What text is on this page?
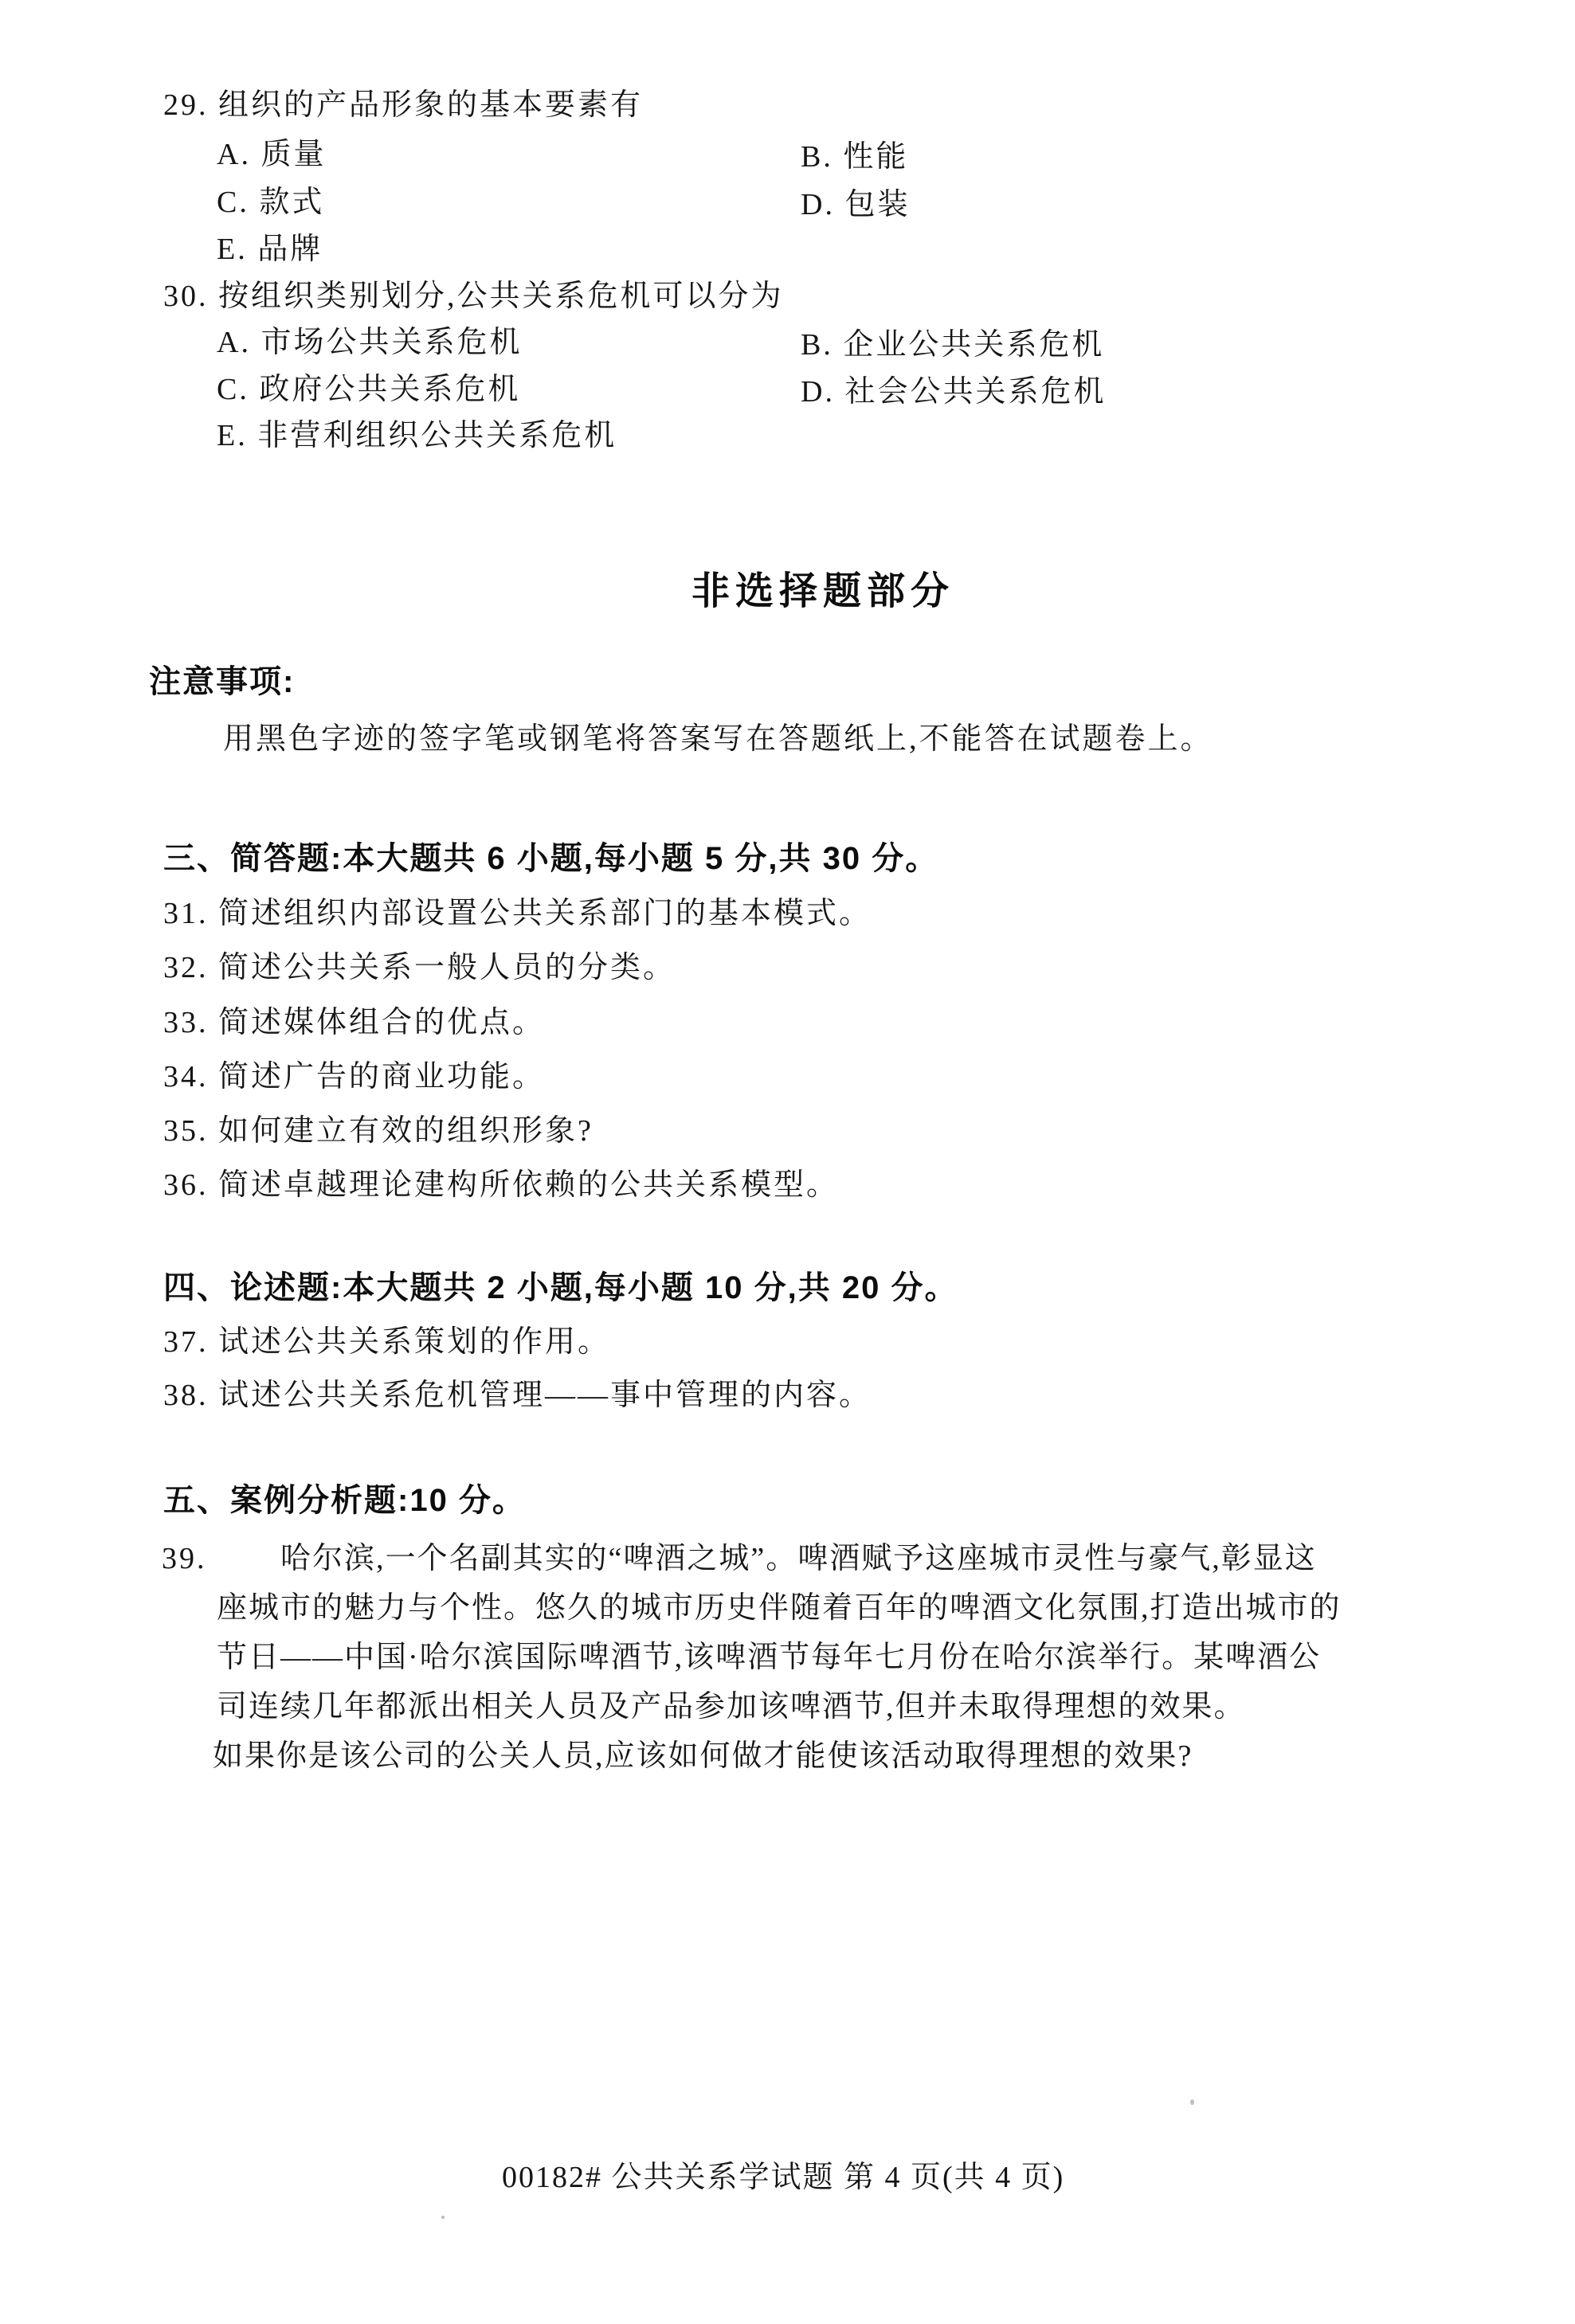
29. 组织的产品形象的基本要素有
A. 质量	B. 性能
C. 款式	D. 包装
E. 品牌
30. 按组织类别划分,公共关系危机可以分为
A. 市场公共关系危机	B. 企业公共关系危机
C. 政府公共关系危机	D. 社会公共关系危机
E. 非营利组织公共关系危机
非选择题部分
注意事项:
用黑色字迹的签字笔或钢笔将答案写在答题纸上,不能答在试题卷上。
三、简答题:本大题共 6 小题,每小题 5 分,共 30 分。
31. 简述组织内部设置公共关系部门的基本模式。
32. 简述公共关系一般人员的分类。
33. 简述媒体组合的优点。
34. 简述广告的商业功能。
35. 如何建立有效的组织形象?
36. 简述卓越理论建构所依赖的公共关系模型。
四、论述题:本大题共 2 小题,每小题 10 分,共 20 分。
37. 试述公共关系策划的作用。
38. 试述公共关系危机管理——事中管理的内容。
五、案例分析题:10 分。
39. 哈尔滨,一个名副其实的“啤酒之城”。啤酒赋予这座城市灵性与豪气,彰显这
座城市的魅力与个性。悠久的城市历史伴随着百年的啤酒文化氛围,打造出城市的
节日——中国·哈尔滨国际啤酒节,该啤酒节每年七月份在哈尔滨举行。某啤酒公
司连续几年都派出相关人员及产品参加该啤酒节,但并未取得理想的效果。
如果你是该公司的公关人员,应该如何做才能使该活动取得理想的效果?
00182# 公共关系学试题 第 4 页(共 4 页)
